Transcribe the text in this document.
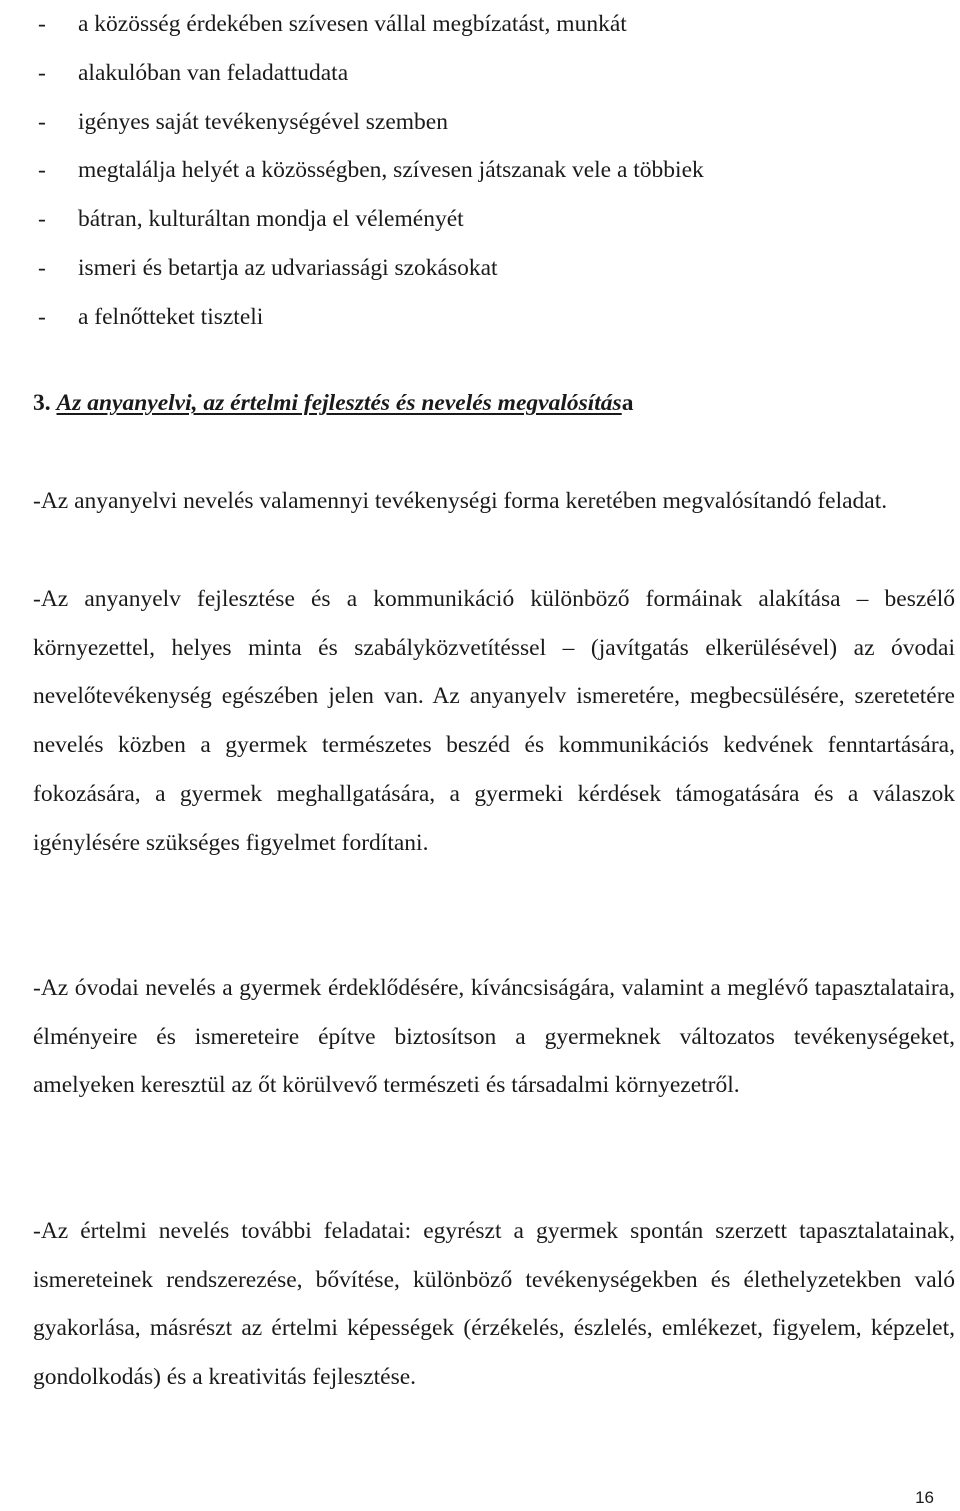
-	a közösség érdekében szívesen vállal megbízatást, munkát
-	alakulóban van feladattudata
-	igényes saját tevékenységével szemben
-	megtalálja helyét a közösségben, szívesen játszanak vele a többiek
-	bátran, kulturáltan mondja el véleményét
-	ismeri és betartja az udvariassági szokásokat
-	a felnőtteket tiszteli
3. Az anyanyelvi, az értelmi fejlesztés és nevelés megvalósítása

-Az anyanyelvi nevelés valamennyi tevékenységi forma keretében megvalósítandó feladat.

-Az anyanyelv fejlesztése és a kommunikáció különböző formáinak alakítása – beszélő környezettel, helyes minta és szabályközvetítéssel – (javítgatás elkerülésével) az óvodai nevelőtevékenység egészében jelen van. Az anyanyelv ismeretére, megbecsülésére, szeretetére nevelés közben a gyermek természetes beszéd és kommunikációs kedvének fenntartására, fokozására, a gyermek meghallgatására, a gyermeki kérdések támogatására és a válaszok igénylésére szükséges figyelmet fordítani.

-Az óvodai nevelés a gyermek érdeklődésére, kíváncsiságára, valamint a meglévő tapasztalataira, élményeire és ismereteire építve biztosítson a gyermeknek változatos tevékenységeket, amelyeken keresztül az őt körülvevő természeti és társadalmi környezetről.

-Az értelmi nevelés további feladatai: egyrészt a gyermek spontán szerzett tapasztalatainak, ismereteinek rendszerezése, bővítése, különböző tevékenységekben és élethelyzetekben való gyakorlása, másrészt az értelmi képességek (érzékelés, észlelés, emlékezet, figyelem, képzelet, gondolkodás) és a kreativitás fejlesztése.

16
